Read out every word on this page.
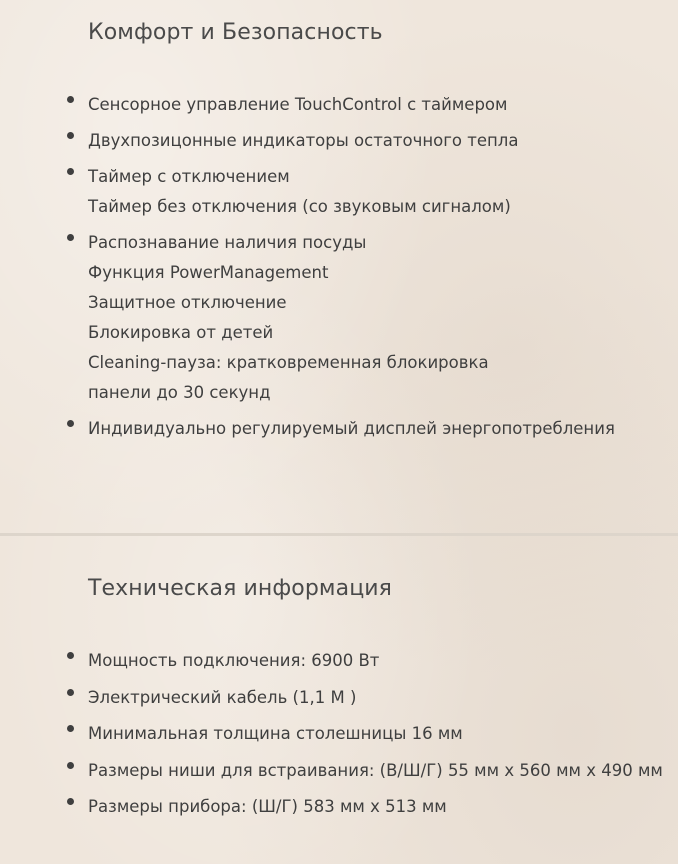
Комфорт и Безопасность
Сенсорное управление TouchControl с таймером
Двухпозицонные индикаторы остаточного тепла
Таймер с отключением
Таймер без отключения (со звуковым сигналом)
Распознавание наличия посуды
Функция PowerManagement
Защитное отключение
Блокировка от детей
Cleaning-пауза: кратковременная блокировка
панели до 30 секунд
Индивидуально регулируемый дисплей энергопотребления
Техническая информация
Мощность подключения: 6900 Вт
Электрический кабель (1,1 М )
Минимальная толщина столешницы 16 мм
Размеры ниши для встраивания: (В/Ш/Г) 55 мм x 560 мм x 490 мм
Размеры прибора: (Ш/Г) 583 мм x 513 мм
